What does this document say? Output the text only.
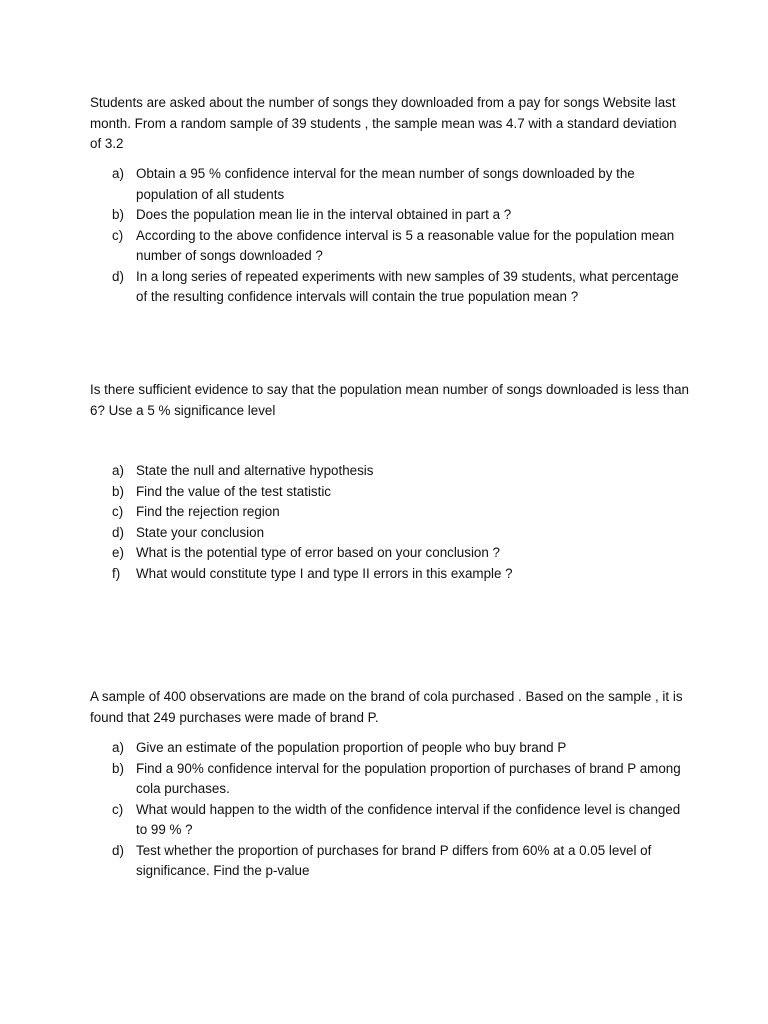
Students are asked about the number of songs they downloaded from a pay for songs Website last month. From a random sample of 39 students , the sample mean was 4.7 with a standard deviation of 3.2

a) Obtain a 95 % confidence interval for the mean number of songs downloaded by the population of all students
b) Does the population mean lie in the interval obtained in part a ?
c) According to the above confidence interval is 5 a reasonable value for the population mean number of songs downloaded ?
d) In a long series of repeated experiments with new samples of 39 students, what percentage of the resulting confidence intervals will contain the true population mean ?

Is there sufficient evidence to say that the population mean number of songs downloaded is less than 6? Use a 5 % significance level

a) State the null and alternative hypothesis
b) Find the value of the test statistic
c) Find the rejection region
d) State your conclusion
e) What is the potential type of error based on your conclusion ?
f)	What would constitute type I and type II errors in this example ?

A sample of 400 observations are made on the brand of cola purchased . Based on the sample , it is found that 249 purchases were made of brand P.

a) Give an estimate of the population proportion of people who buy brand P
b) Find a 90% confidence interval for the population proportion of purchases of brand P among cola purchases.
c) What would happen to the width of the confidence interval if the confidence level is changed to 99 % ?
d) Test whether the proportion of purchases for brand P differs from 60% at a 0.05 level of significance. Find the p-value
